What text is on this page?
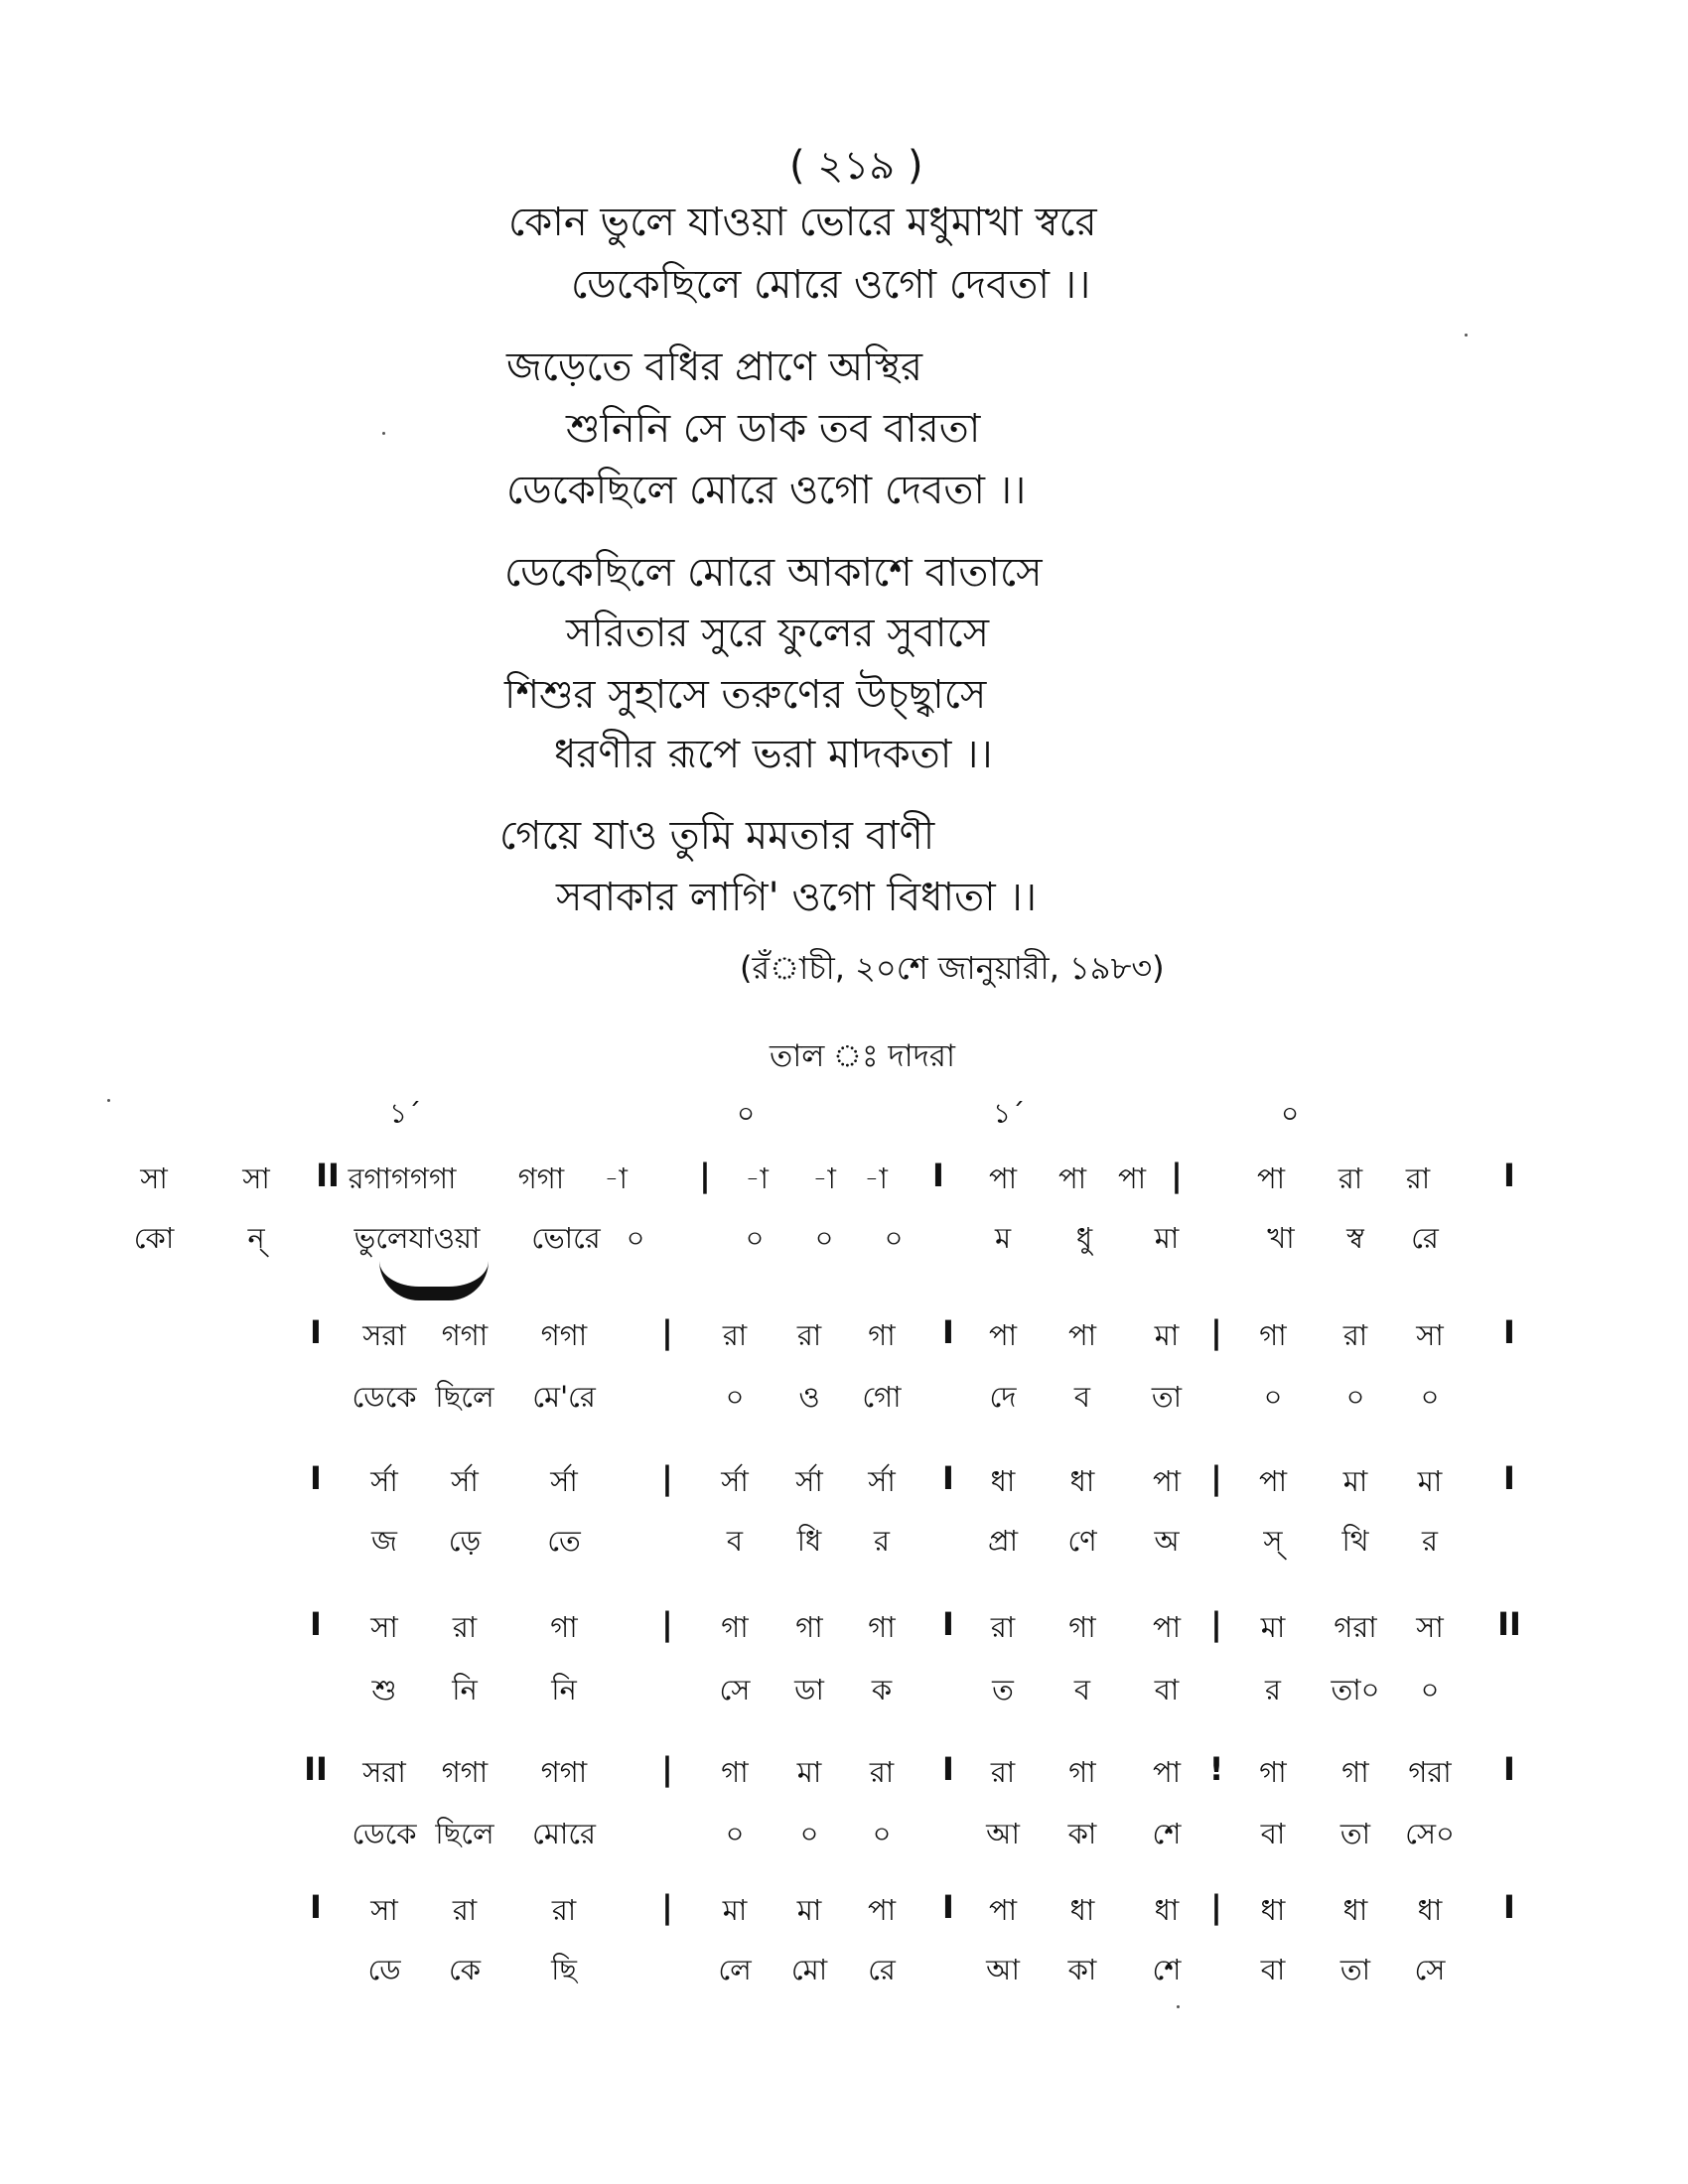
( ২১৯ )
কোন ভুলে যাওয়া ভোরে মধুমাখা স্বরে
ডেকেছিলে মোরে ওগো দেবতা ।।
জড়েতে বধির প্রাণে অস্থির
শুনিনি সে ডাক তব বারতা
ডেকেছিলে মোরে ওগো দেবতা ।।
ডেকেছিলে মোরে আকাশে বাতাসে
সরিতার সুরে ফুলের সুবাসে
শিশুর সুহাসে তরুণের উচ্ছ্বাসে
ধরণীর রূপে ভরা মাদকতা ।।
গেয়ে যাও তুমি মমতার বাণী
সবাকার লাগি' ওগো বিধাতা ।।
(রঁাচী, ২০শে জানুয়ারী, ১৯৮৩)
তাল ঃ দাদরা
১´	০	১´	০
সা	সা II রগাগগগা গগা -া | -া -া -া I পা পা পা |	পা রা রা I
কো	ন্	ভুলেযাওয়া ভোরে ০	০ ০ ০	ম ধু মা	খা স্ব রে
I সরা গগা গগা | রা রা গা I পা পা মা | গা রা সা I
ডেকে ছিলে মে'রে	০ ও গো	দে ব তা	০ ০ ০
I র্সা র্সা র্সা	| র্সা র্সা র্সা I ধা ধা পা | পা মা মা I
জ ড়ে তে	ব ধি র	প্রা ণে অ	স্ থি র
I সা রা	গা	| গা গা গা I রা গা পা | মা গরা সা II
শু নি	নি	সে ডা ক	ত ব বা	র তা০ ০
II সরা গগা গগা | গা মা রা I রা গা পা ! গা গা গরা I
ডেকে ছিলে মোরে	০ ০ ০	আ কা শে	বা তা সে০
I সা রা	রা	| মা মা পা I পা ধা ধা | ধা ধা ধা I
ডে কে ছি	লে মো রে	আ কা শে	বা তা সে
